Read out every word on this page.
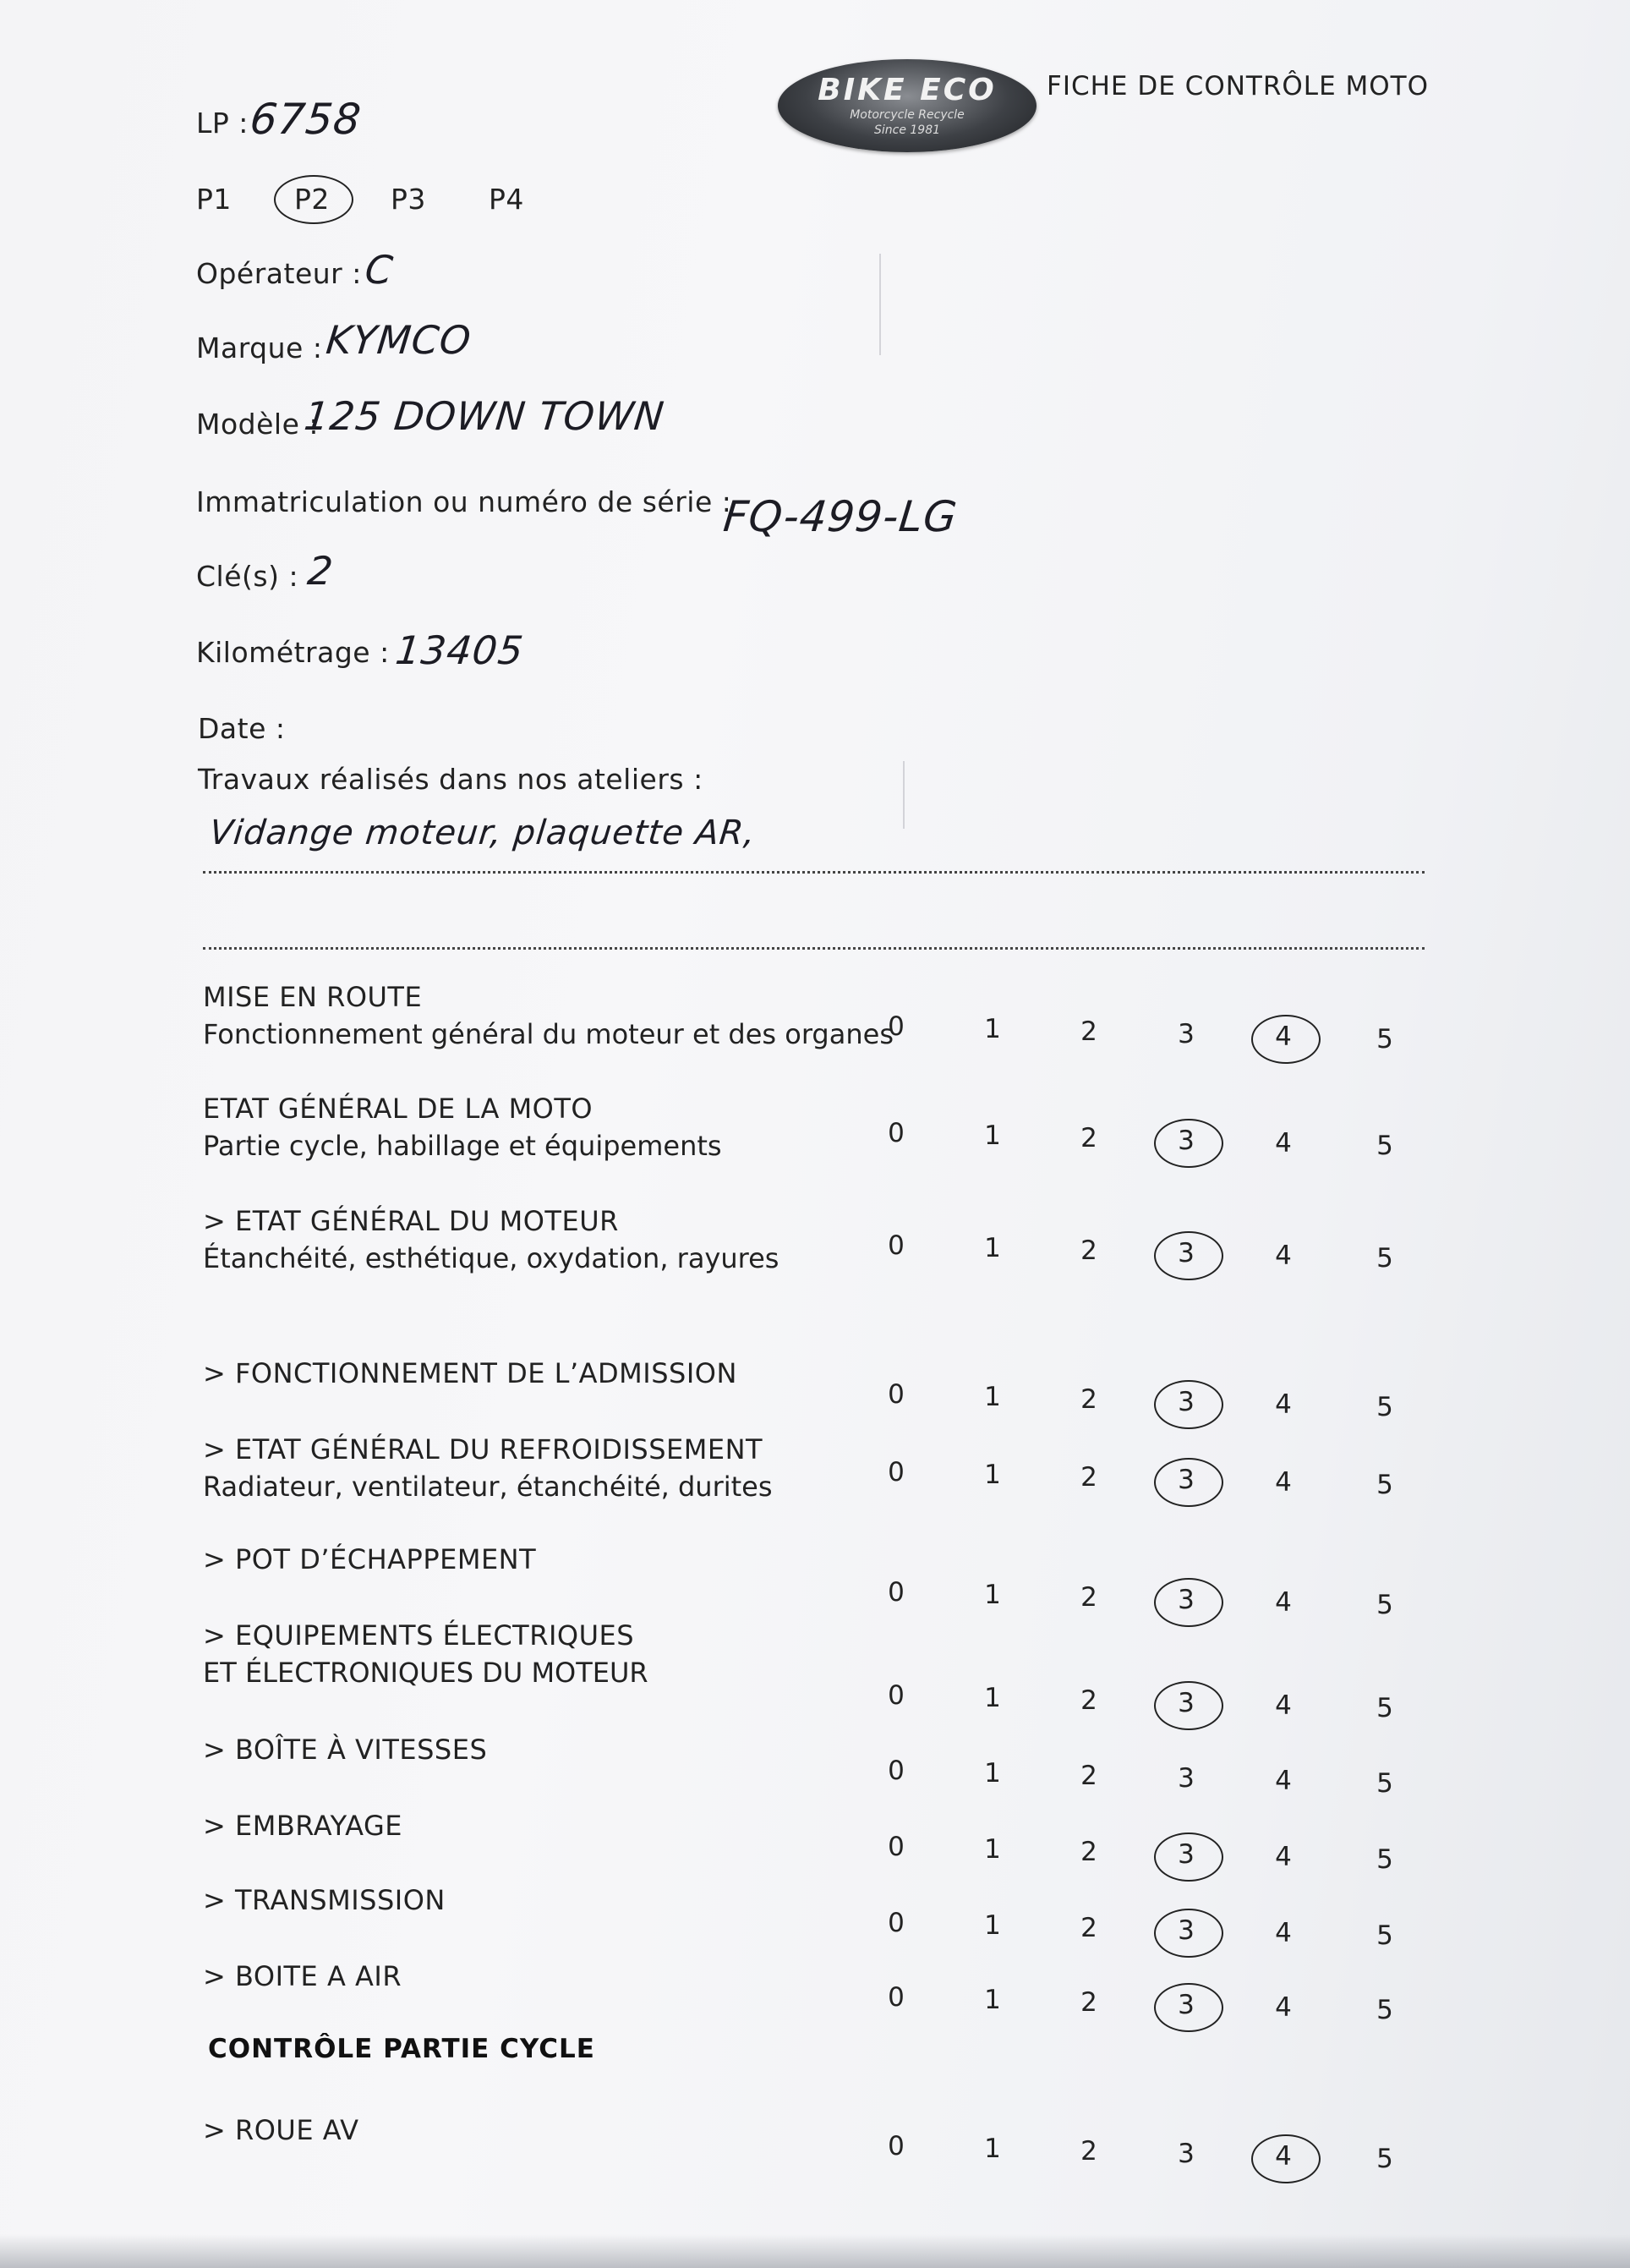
BIKE ECO
Motorcycle Recycle
Since 1981
FICHE DE CONTRÔLE MOTO
LP : 6758
P1 P2 P3 P4
Opérateur : C
Marque : KYMCO
Modèle :
125 DOWN TOWN
Immatriculation ou numéro de série :
FQ-499-LG
Clé(s) : 2
Kilométrage : 13405
Date :
Travaux réalisés dans nos ateliers :
Vidange moteur, plaquette AR,
MISE EN ROUTE
Fonctionnement général du moteur et des organes
0	1	2	3	4	5
ETAT GÉNÉRAL DE LA MOTO
Partie cycle, habillage et équipements	0	1	2	3	4	5
> ETAT GÉNÉRAL DU MOTEUR
Étanchéité, esthétique, oxydation, rayures	0	1	2	3	4	5
> FONCTIONNEMENT DE L’ADMISSION
0	1	2	3	4	5
> ETAT GÉNÉRAL DU REFROIDISSEMENT
Radiateur, ventilateur, étanchéité, durites	0	1	2	3	4	5
> POT D’ÉCHAPPEMENT
0	1	2	3	4	5
> EQUIPEMENTS ÉLECTRIQUES
ET ÉLECTRONIQUES DU MOTEUR
0	1	2	3	4	5
> BOÎTE À VITESSES
0	1	2	3	4	5
> EMBRAYAGE
0	1	2	3	4	5
> TRANSMISSION
0	1	2	3	4	5
> BOITE A AIR
0	1	2	3	4	5
> ROUE AV	0	1	2	3	4	5
CONTRÔLE PARTIE CYCLE
